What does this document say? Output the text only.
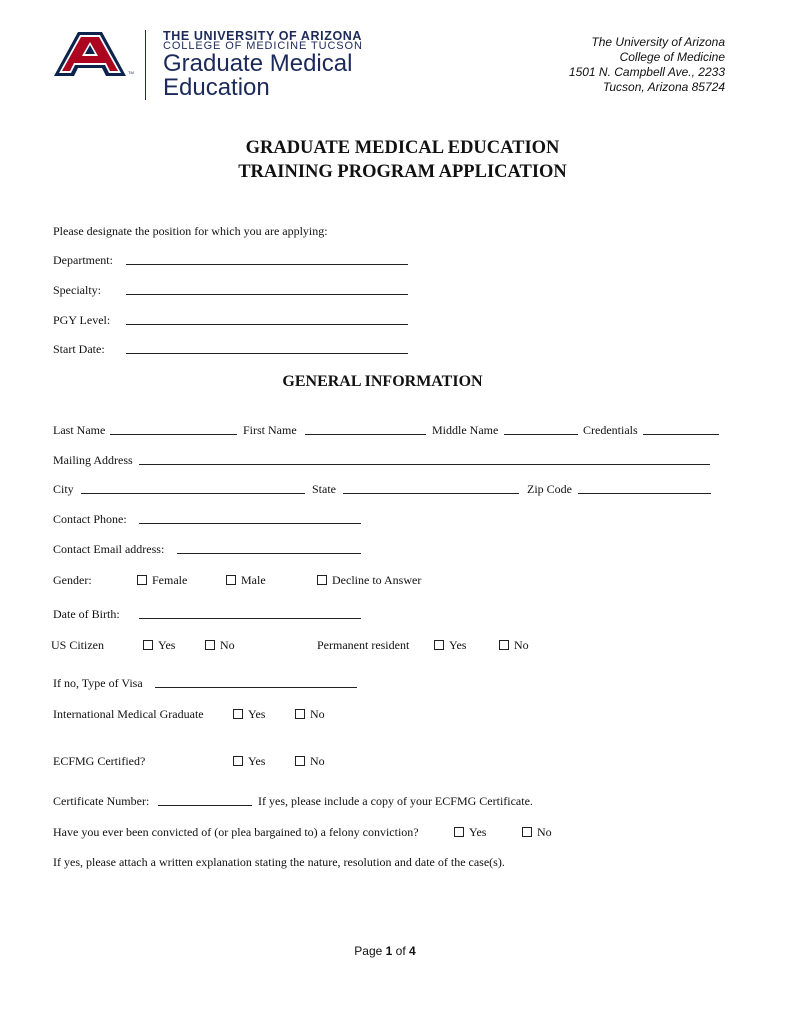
TM
THE UNIVERSITY OF ARIZONA
COLLEGE OF MEDICINE TUCSON
Graduate Medical
Education
The University of Arizona
College of Medicine
1501 N. Campbell Ave., 2233
Tucson, Arizona 85724
GRADUATE MEDICAL EDUCATION
TRAINING PROGRAM APPLICATION
Please designate the position for which you are applying:
Department:
Specialty:
PGY Level:
Start Date:
GENERAL INFORMATION
Last Name	First Name	Middle Name	Credentials
Mailing Address
City	State	Zip Code
Contact Phone:
Contact Email address:
Gender:	Female	Male	Decline to Answer
Date of Birth:
US Citizen	Yes	No	Permanent resident	Yes	No
If no, Type of Visa
International Medical Graduate	Yes	No
ECFMG Certified?	Yes	No
Certificate Number:	If yes, please include a copy of your ECFMG Certificate.
Have you ever been convicted of (or plea bargained to) a felony conviction?	Yes	No
If yes, please attach a written explanation stating the nature, resolution and date of the case(s).
Page 1 of 4
